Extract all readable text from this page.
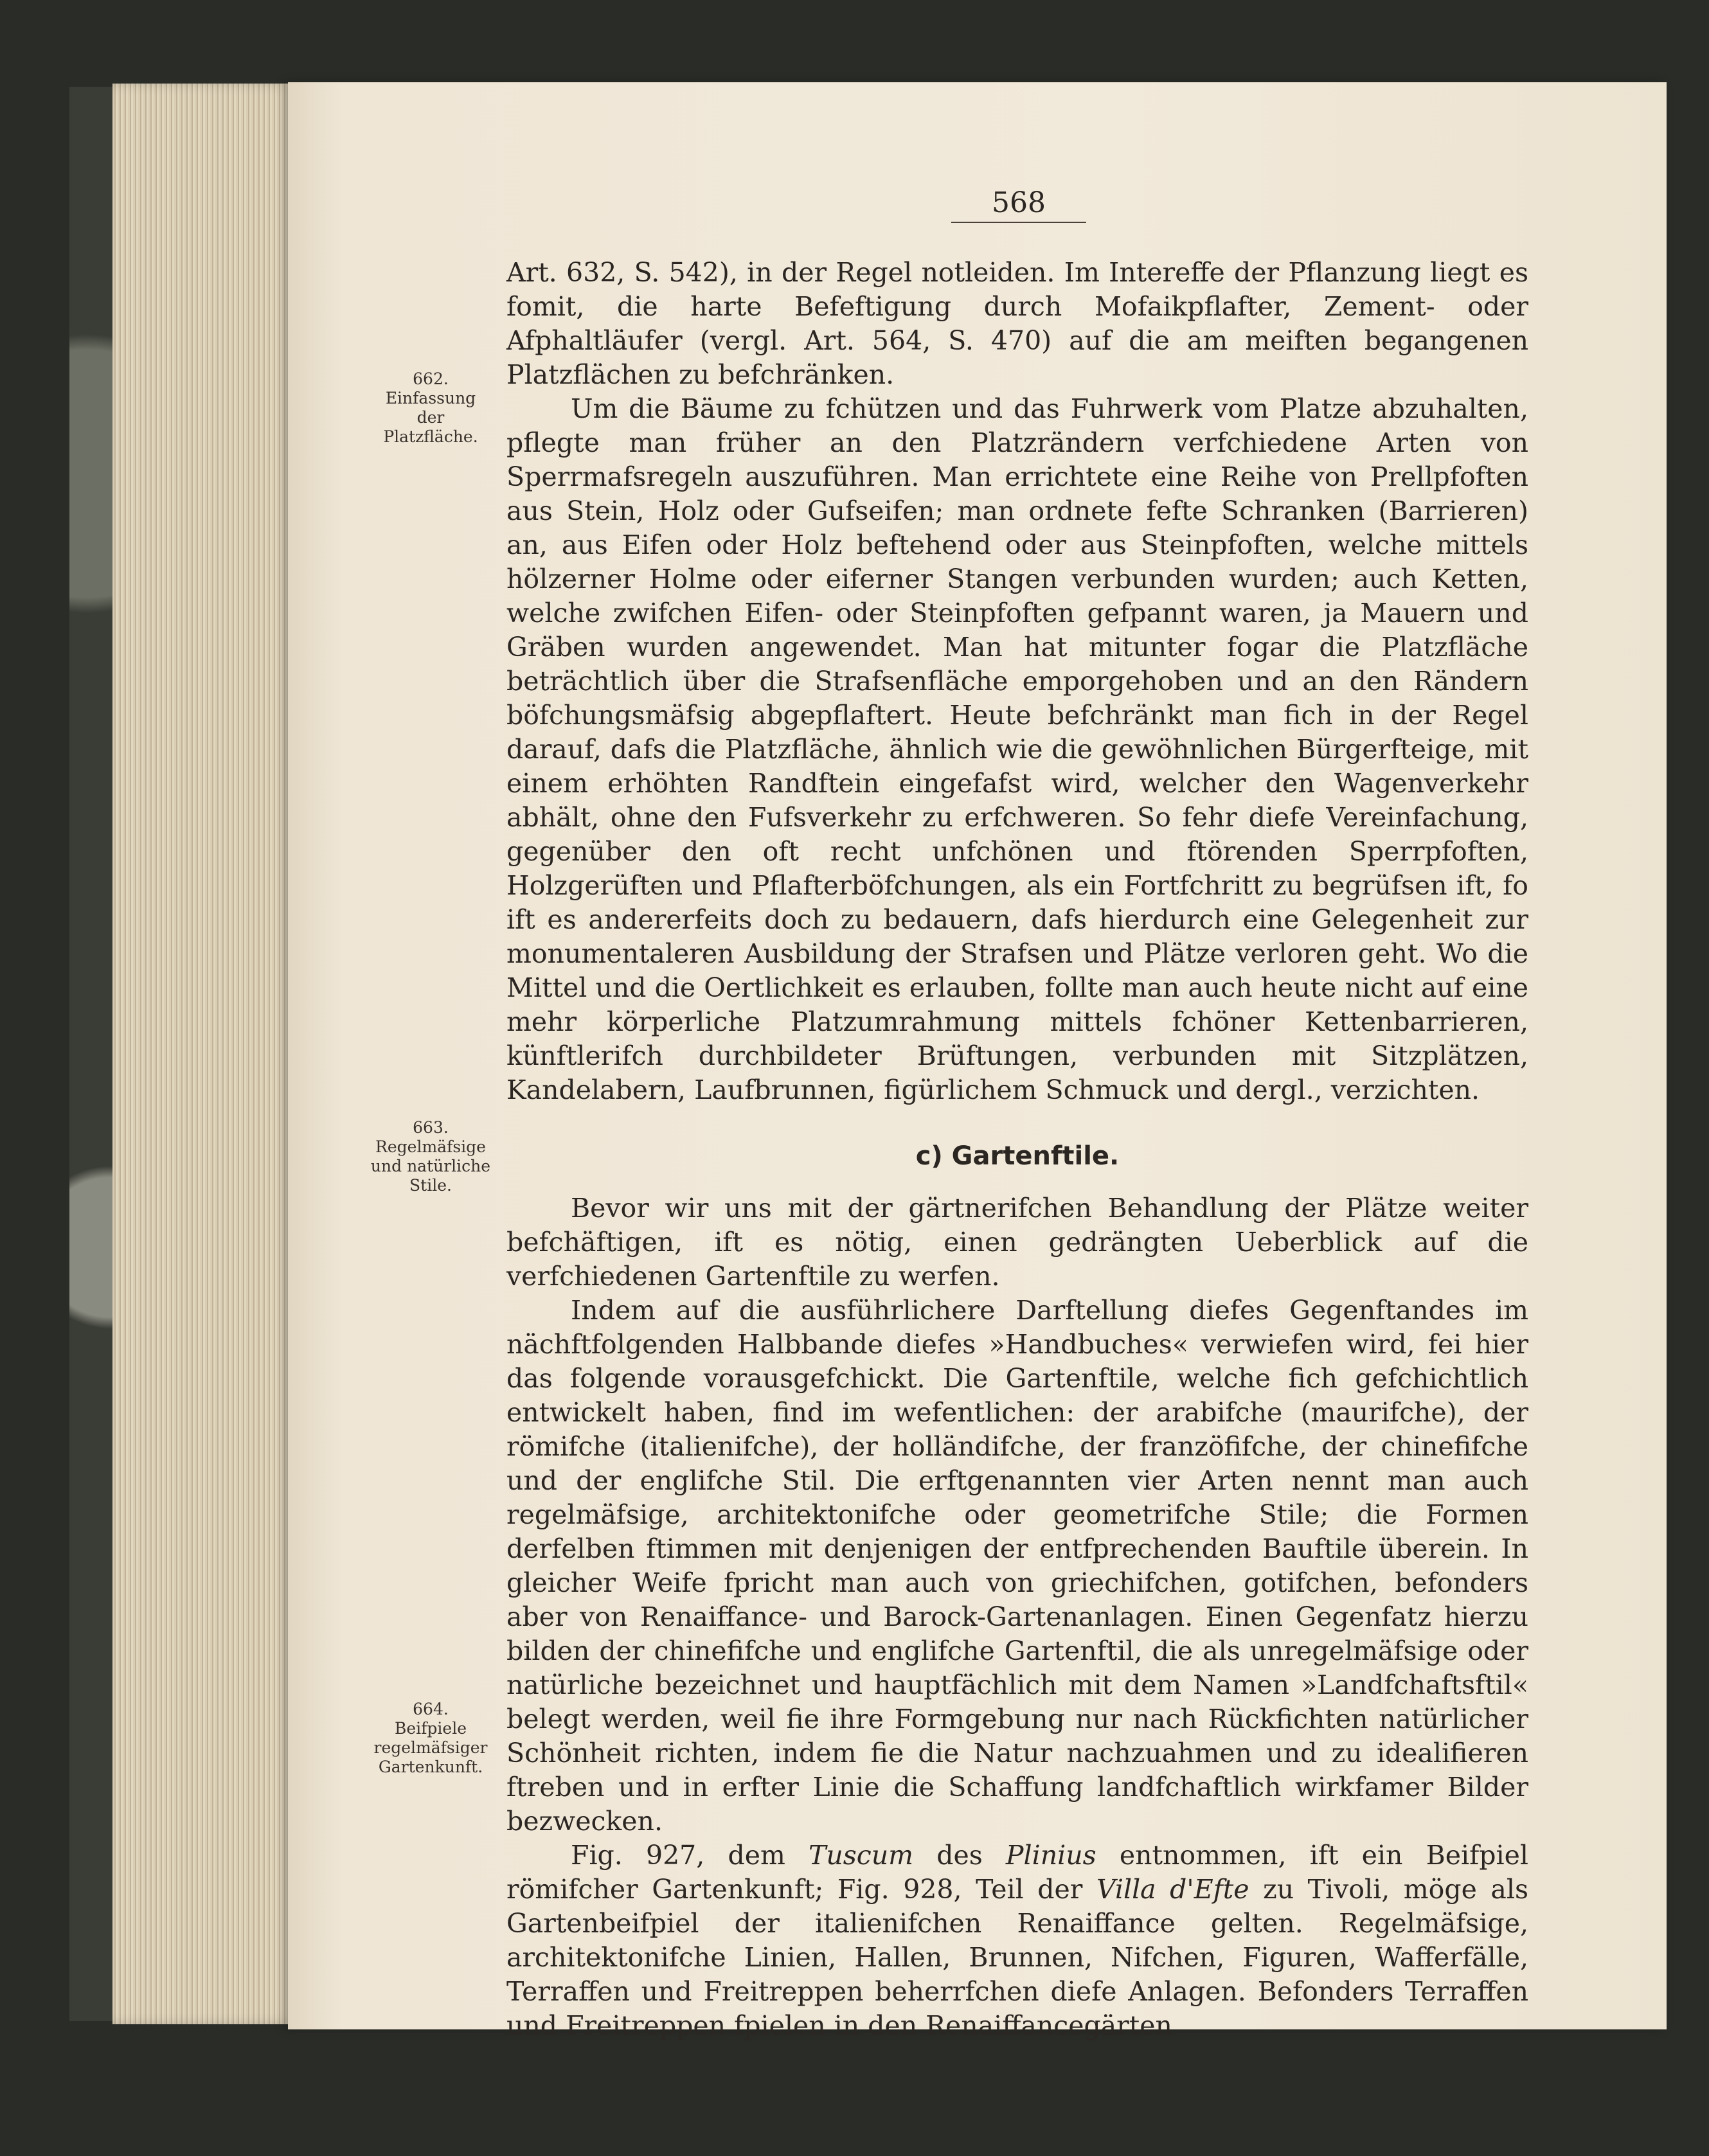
568
662.
Einfassung
der
Platzfläche.
663.
Regelmäfsige
und natürliche
Stile.
664.
Beifpiele
regelmäfsiger
Gartenkunft.

Art. 632, S. 542), in der Regel notleiden. Im Intereffe der Pflanzung liegt es fomit, die harte Befeftigung durch Mofaikpflafter, Zement- oder Afphaltläufer (vergl. Art. 564, S. 470) auf die am meiften begangenen Platzflächen zu befchränken.

Um die Bäume zu fchützen und das Fuhrwerk vom Platze abzuhalten, pflegte man früher an den Platzrändern verfchiedene Arten von Sperrmafsregeln auszuführen. Man errichtete eine Reihe von Prellpfoften aus Stein, Holz oder Gufseifen; man ordnete fefte Schranken (Barrieren) an, aus Eifen oder Holz beftehend oder aus Steinpfoften, welche mittels hölzerner Holme oder eiferner Stangen verbunden wurden; auch Ketten, welche zwifchen Eifen- oder Steinpfoften gefpannt waren, ja Mauern und Gräben wurden angewendet. Man hat mitunter fogar die Platzfläche beträchtlich über die Strafsenfläche emporgehoben und an den Rändern böfchungsmäfsig abgepflaftert. Heute befchränkt man fich in der Regel darauf, dafs die Platzfläche, ähnlich wie die gewöhnlichen Bürgerfteige, mit einem erhöhten Randftein eingefafst wird, welcher den Wagenverkehr abhält, ohne den Fufsverkehr zu erfchweren. So fehr diefe Vereinfachung, gegenüber den oft recht unfchönen und ftörenden Sperrpfoften, Holzgerüften und Pflafterböfchungen, als ein Fortfchritt zu begrüfsen ift, fo ift es andererfeits doch zu bedauern, dafs hierdurch eine Gelegenheit zur monumentaleren Ausbildung der Strafsen und Plätze verloren geht. Wo die Mittel und die Oertlichkeit es erlauben, follte man auch heute nicht auf eine mehr körperliche Platzumrahmung mittels fchöner Kettenbarrieren, künftlerifch durchbildeter Brüftungen, verbunden mit Sitzplätzen, Kandelabern, Laufbrunnen, figürlichem Schmuck und dergl., verzichten.

c) Gartenftile.

Bevor wir uns mit der gärtnerifchen Behandlung der Plätze weiter befchäftigen, ift es nötig, einen gedrängten Ueberblick auf die verfchiedenen Gartenftile zu werfen.

Indem auf die ausführlichere Darftellung diefes Gegenftandes im nächftfolgenden Halbbande diefes »Handbuches« verwiefen wird, fei hier das folgende vorausgefchickt. Die Gartenftile, welche fich gefchichtlich entwickelt haben, find im wefentlichen: der arabifche (maurifche), der römifche (italienifche), der holländifche, der franzöfifche, der chinefifche und der englifche Stil. Die erftgenannten vier Arten nennt man auch regelmäfsige, architektonifche oder geometrifche Stile; die Formen derfelben ftimmen mit denjenigen der entfprechenden Bauftile überein. In gleicher Weife fpricht man auch von griechifchen, gotifchen, befonders aber von Renaiffance- und Barock-Gartenanlagen. Einen Gegenfatz hierzu bilden der chinefifche und englifche Gartenftil, die als unregelmäfsige oder natürliche bezeichnet und hauptfächlich mit dem Namen »Landfchaftsftil« belegt werden, weil fie ihre Formgebung nur nach Rückfichten natürlicher Schönheit richten, indem fie die Natur nachzuahmen und zu idealifieren ftreben und in erfter Linie die Schaffung landfchaftlich wirkfamer Bilder bezwecken.

Fig. 927, dem Tuscum des Plinius entnommen, ift ein Beifpiel römifcher Gartenkunft; Fig. 928, Teil der Villa d'Efte zu Tivoli, möge als Gartenbeifpiel der italienifchen Renaiffance gelten. Regelmäfsige, architektonifche Linien, Hallen, Brunnen, Nifchen, Figuren, Wafferfälle, Terraffen und Freitreppen beherrfchen diefe Anlagen. Befonders Terraffen und Freitreppen fpielen in den Renaiffancegärten
